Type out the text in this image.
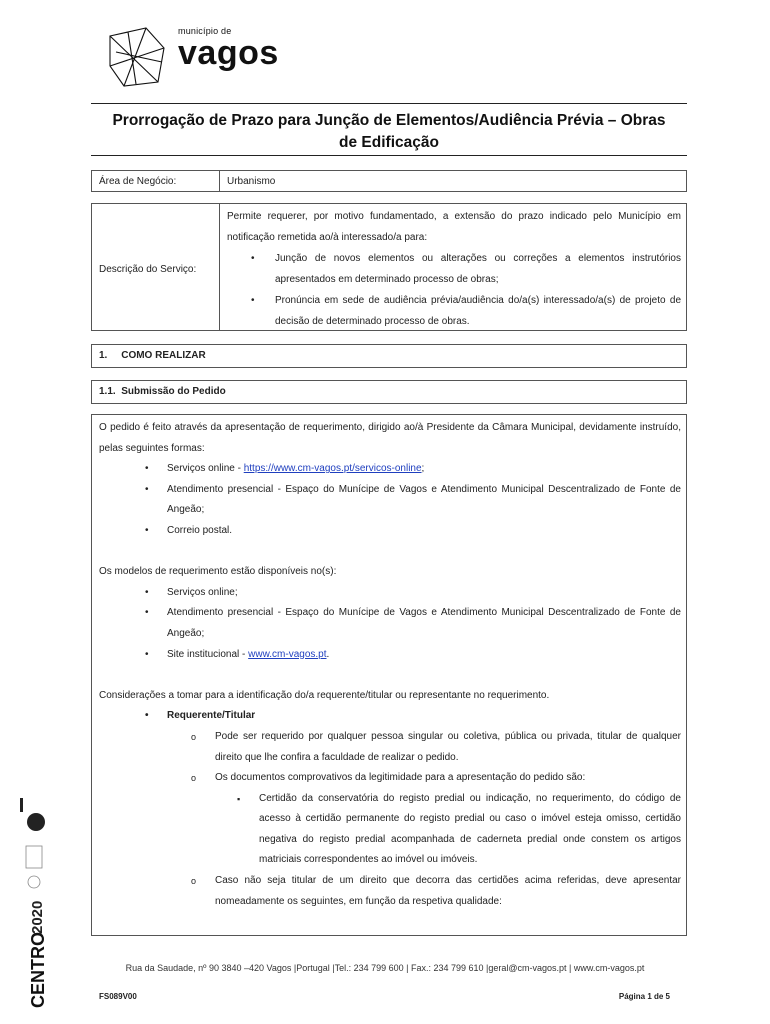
município de
vagos
Prorrogação de Prazo para Junção de Elementos/Audiência Prévia – Obras
de Edificação
Área de Negócio:	Urbanismo
Descrição do Serviço:

Permite requerer, por motivo fundamentado, a extensão do prazo indicado pelo Município em notificação remetida ao/à interessado/a para:

• Junção de novos elementos ou alterações ou correções a elementos instrutórios apresentados em determinado processo de obras;

• Pronúncia em sede de audiência prévia/audiência do/a(s) interessado/a(s) de projeto de decisão de determinado processo de obras.

1.     COMO REALIZAR
1.1.  Submissão do Pedido

O pedido é feito através da apresentação de requerimento, dirigido ao/à Presidente da Câmara Municipal, devidamente instruído, pelas seguintes formas:

• Serviços online - https://www.cm-vagos.pt/servicos-online;

• Atendimento presencial - Espaço do Munícipe de Vagos e Atendimento Municipal Descentralizado de Fonte de Angeão;

• Correio postal.

Os modelos de requerimento estão disponíveis no(s):

• Serviços online;

• Atendimento presencial - Espaço do Munícipe de Vagos e Atendimento Municipal Descentralizado de Fonte de Angeão;

• Site institucional - www.cm-vagos.pt.

Considerações a tomar para a identificação do/a requerente/titular ou representante no requerimento.

• Requerente/Titular

o Pode ser requerido por qualquer pessoa singular ou coletiva, pública ou privada, titular de qualquer direito que lhe confira a faculdade de realizar o pedido.

o Os documentos comprovativos da legitimidade para a apresentação do pedido são:

▪ Certidão da conservatória do registo predial ou indicação, no requerimento, do código de acesso à certidão permanente do registo predial ou caso o imóvel esteja omisso, certidão negativa do registo predial acompanhada de caderneta predial onde constem os artigos matriciais correspondentes ao imóvel ou imóveis.

o Caso não seja titular de um direito que decorra das certidões acima referidas, deve apresentar nomeadamente os seguintes, em função da respetiva qualidade:

2020
CENTRO	Rua da Saudade, nº 90 3840 –420 Vagos |Portugal |Tel.: 234 799 600 | Fax.: 234 799 610 |geral@cm-vagos.pt | www.cm-vagos.pt
FS089V00	Página 1 de 5
